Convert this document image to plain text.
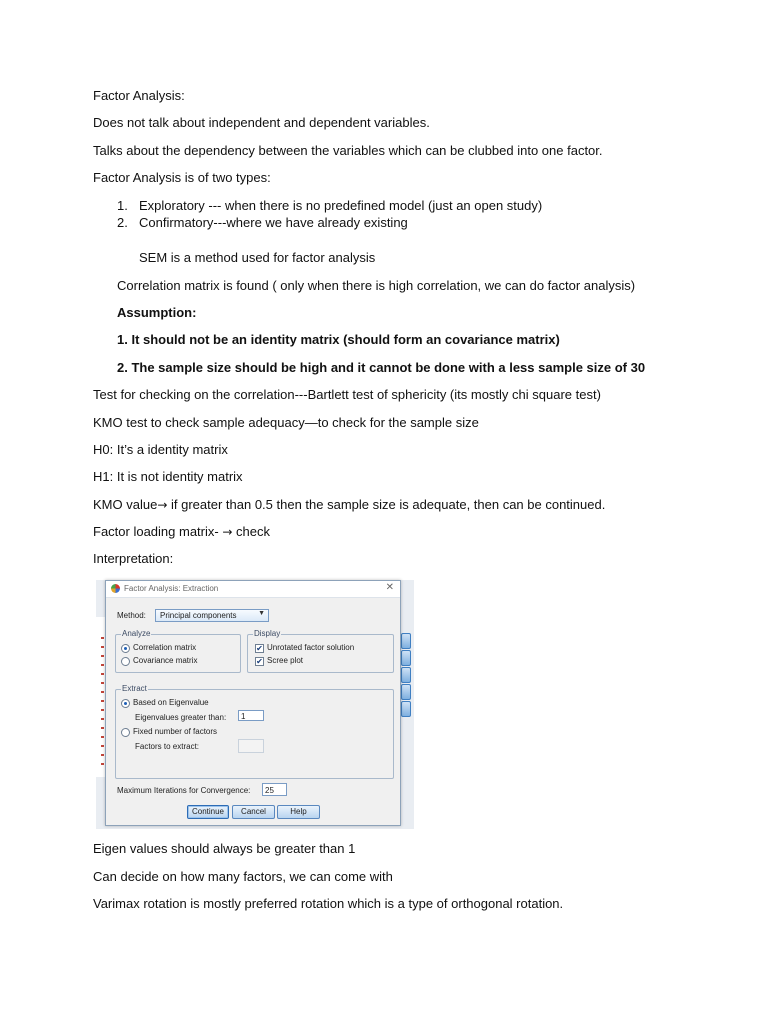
Factor Analysis:
Does not talk about independent and dependent variables.
Talks about the dependency between the variables which can be clubbed into one factor.
Factor Analysis is of two types:
1. Exploratory --- when there is no predefined model (just an open study)
2. Confirmatory---where we have already existing
SEM is a method used for factor analysis
Correlation matrix is found ( only when there is high correlation, we can do factor analysis)
Assumption:
1. It should not be an identity matrix (should form an covariance matrix)
2. The sample size should be high and it cannot be done with a less sample size of 30
Test for checking on the correlation---Bartlett test of sphericity (its mostly chi square test)
KMO test to check sample adequacy—to check for the sample size
H0: It’s a identity matrix
H1: It is not identity matrix
KMO value→ if greater than 0.5 then the sample size is adequate, then can be continued.
Factor loading matrix- → check
Interpretation:
Factor Analysis: Extraction	✕
Method: Principal components	▼
Analyze
Correlation matrix
Covariance matrix
Display
✔ Unrotated factor solution
✔ Scree plot
Extract
Based on Eigenvalue
Eigenvalues greater than:	1
Fixed number of factors
Factors to extract:
Maximum Iterations for Convergence:	25
Continue	Cancel	Help
Eigen values should always be greater than 1
Can decide on how many factors, we can come with
Varimax rotation is mostly preferred rotation which is a type of orthogonal rotation.
